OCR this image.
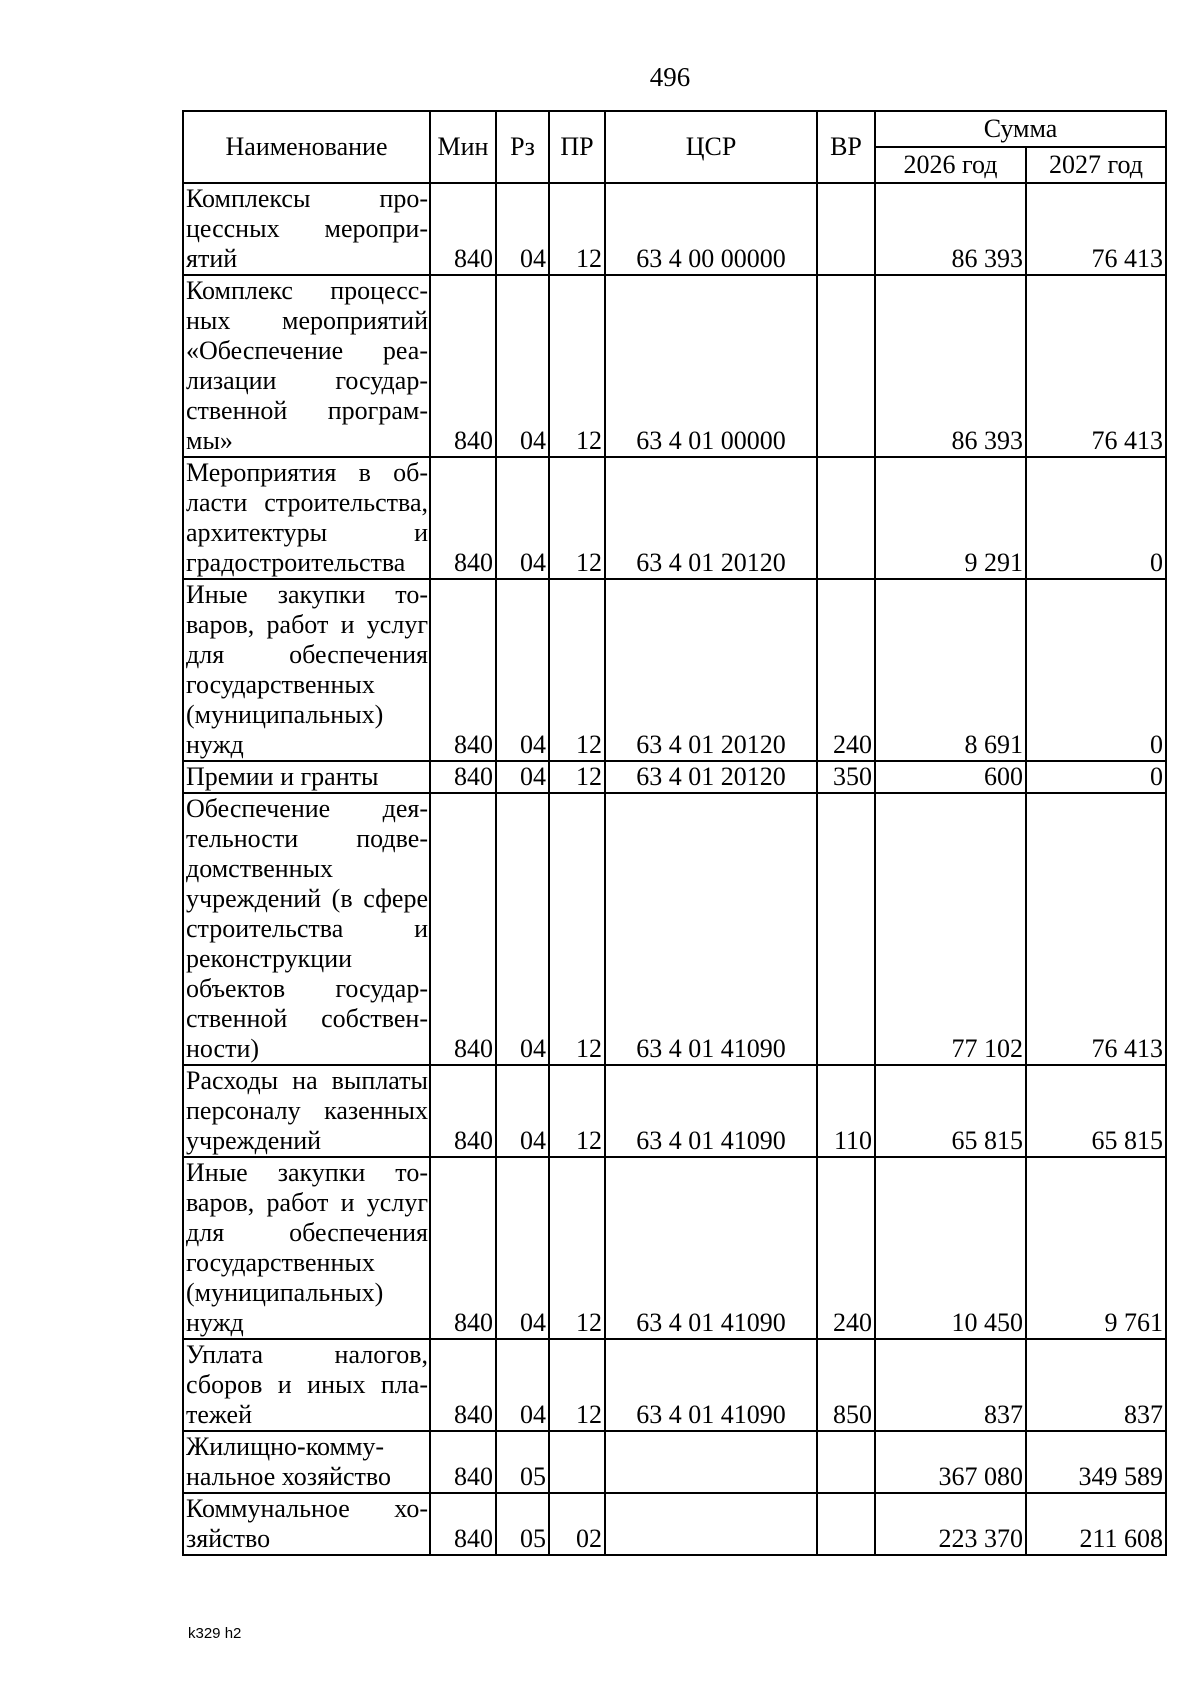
496
Наименование	Мин	Рз	ПР	ЦСР	ВР	Сумма	
						2026 год	2027 год
Комплексы процессных мероприятий	840	04	12	63 4 00 00000		86 393	76 413
Комплекс процессных мероприятий «Обеспечение реализации государственной программы»	840	04	12	63 4 01 00000		86 393	76 413
Мероприятия в области строительства, архитектуры и градостроительства	840	04	12	63 4 01 20120		9 291	0
Иные закупки товаров, работ и услуг для обеспечения государственных (муниципальных) нужд	840	04	12	63 4 01 20120	240	8 691	0
Премии и гранты	840	04	12	63 4 01 20120	350	600	0
Обеспечение деятельности подведомственных учреждений (в сфере строительства и реконструкции объектов государственной собственности)	840	04	12	63 4 01 41090		77 102	76 413
Расходы на выплаты персоналу казенных учреждений	840	04	12	63 4 01 41090	110	65 815	65 815
Иные закупки товаров, работ и услуг для обеспечения государственных (муниципальных) нужд	840	04	12	63 4 01 41090	240	10 450	9 761
Уплата налогов, сборов и иных платежей	840	04	12	63 4 01 41090	850	837	837
Жилищно-коммунальное хозяйство	840	05				367 080	349 589
Коммунальное хозяйство	840	05	02			223 370	211 608
k329 h2
